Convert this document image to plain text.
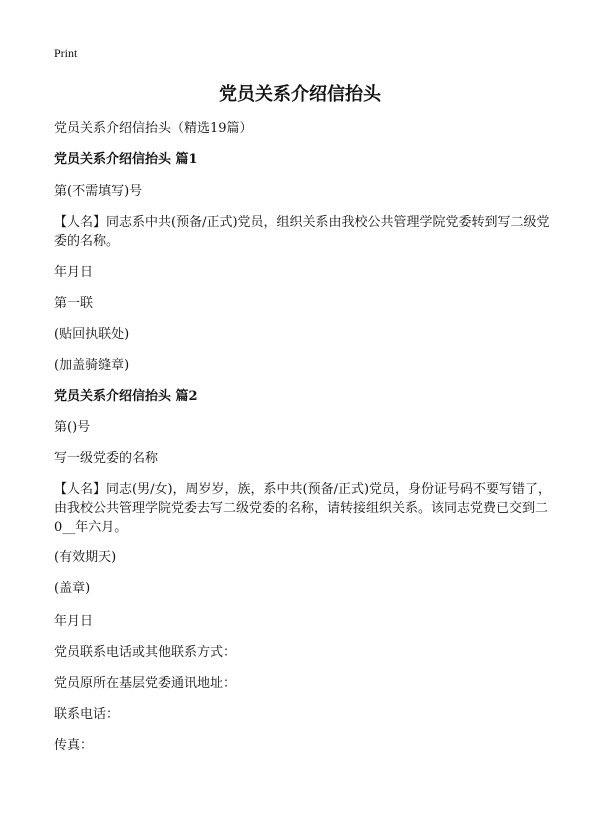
Print
党员关系介绍信抬头

党员关系介绍信抬头（精选19篇）

党员关系介绍信抬头 篇1

第(不需填写)号

【人名】同志系中共(预备/正式)党员，组织关系由我校公共管理学院党委转到写二级党委的名称。

年月日

第一联

(贴回执联处)

(加盖骑缝章)

党员关系介绍信抬头 篇2

第()号

写一级党委的名称

【人名】同志(男/女)，周岁岁，族，系中共(预备/正式)党员，身份证号码不要写错了，由我校公共管理学院党委去写二级党委的名称，请转接组织关系。该同志党费已交到二0__年六月。

(有效期天)

(盖章)

年月日

党员联系电话或其他联系方式：

党员原所在基层党委通讯地址：

联系电话：

传真：
